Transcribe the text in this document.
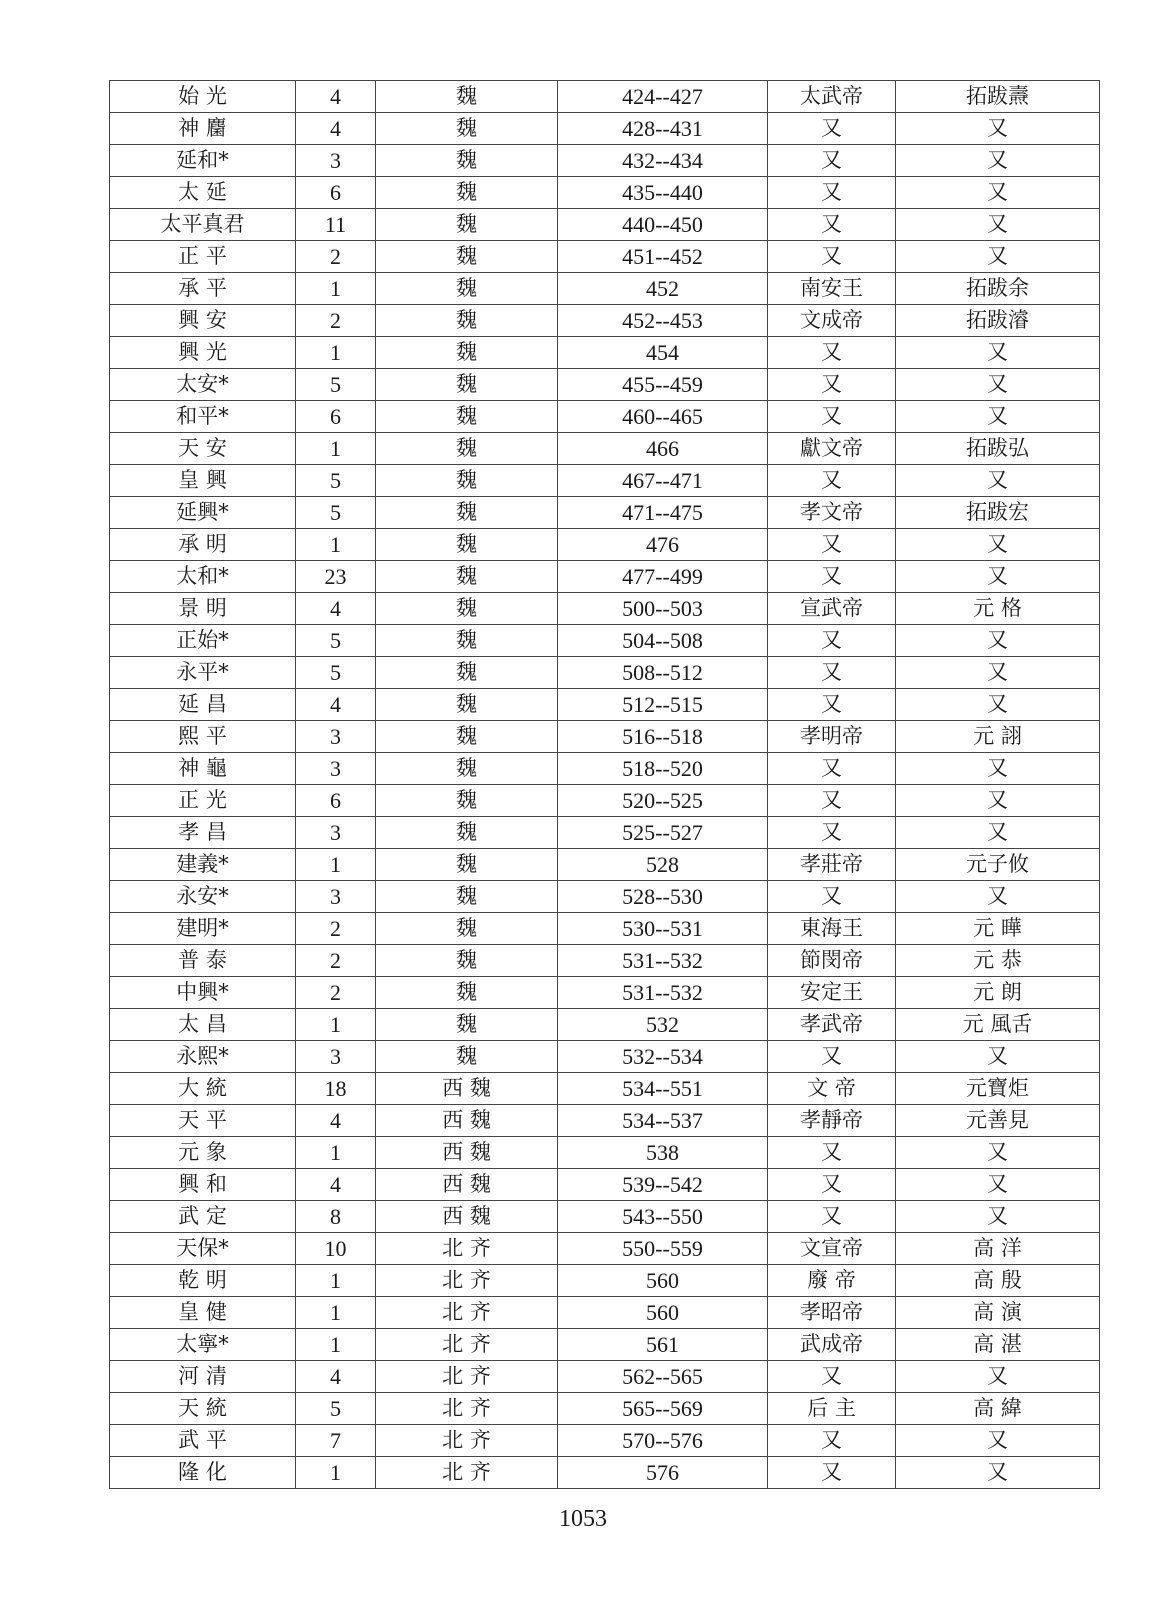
始 光	4	魏	424--427	太武帝	拓跋燾
神 麕	4	魏	428--431	又	又
延和*	3	魏	432--434	又	又
太 延	6	魏	435--440	又	又
太平真君	11	魏	440--450	又	又
正 平	2	魏	451--452	又	又
承 平	1	魏	452	南安王	拓跋余
興 安	2	魏	452--453	文成帝	拓跋濬
興 光	1	魏	454	又	又
太安*	5	魏	455--459	又	又
和平*	6	魏	460--465	又	又
天 安	1	魏	466	獻文帝	拓跋弘
皇 興	5	魏	467--471	又	又
延興*	5	魏	471--475	孝文帝	拓跋宏
承 明	1	魏	476	又	又
太和*	23	魏	477--499	又	又
景 明	4	魏	500--503	宣武帝	元 格
正始*	5	魏	504--508	又	又
永平*	5	魏	508--512	又	又
延 昌	4	魏	512--515	又	又
熙 平	3	魏	516--518	孝明帝	元 詡
神 龜	3	魏	518--520	又	又
正 光	6	魏	520--525	又	又
孝 昌	3	魏	525--527	又	又
建義*	1	魏	528	孝莊帝	元子攸
永安*	3	魏	528--530	又	又
建明*	2	魏	530--531	東海王	元 曄
普 泰	2	魏	531--532	節閔帝	元 恭
中興*	2	魏	531--532	安定王	元 朗
太 昌	1	魏	532	孝武帝	元 風舌
永熙*	3	魏	532--534	又	又
大 統	18	西 魏	534--551	文 帝	元寶炬
天 平	4	西 魏	534--537	孝靜帝	元善見
元 象	1	西 魏	538	又	又
興 和	4	西 魏	539--542	又	又
武 定	8	西 魏	543--550	又	又
天保*	10	北 齐	550--559	文宣帝	高 洋
乾 明	1	北 齐	560	廢 帝	高 殷
皇 健	1	北 齐	560	孝昭帝	高 演
太寧*	1	北 齐	561	武成帝	高 湛
河 清	4	北 齐	562--565	又	又
天 統	5	北 齐	565--569	后 主	高 緯
武 平	7	北 齐	570--576	又	又
隆 化	1	北 齐	576	又	又
1053
